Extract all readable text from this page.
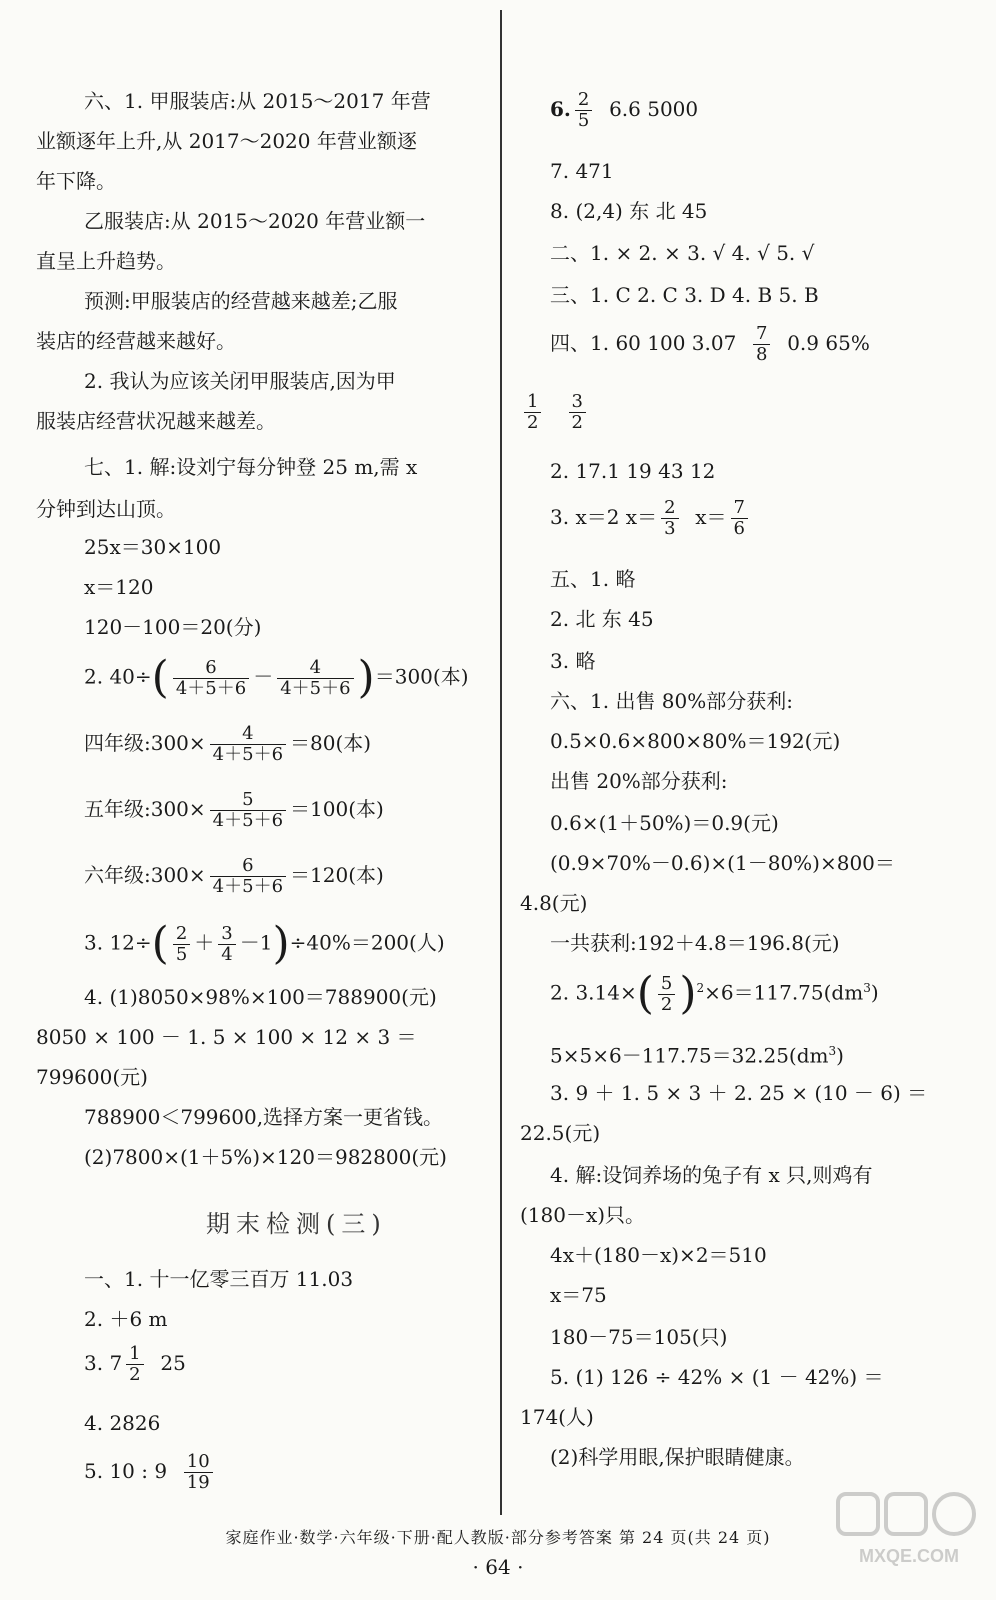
六、1. 甲服装店:从 2015～2017 年营
业额逐年上升,从 2017～2020 年营业额逐
年下降。
乙服装店:从 2015～2020 年营业额一
直呈上升趋势。
预测:甲服装店的经营越来越差;乙服
装店的经营越来越好。
2. 我认为应该关闭甲服装店,因为甲
服装店经营状况越来越差。
七、1. 解:设刘宁每分钟登 25 m,需 x
分钟到达山顶。
25x＝30×100
x＝120
120－100＝20(分)
2. $40\div( \frac{6}{4+5+6} - \frac{4}{4+5+6} )=300$(本)
四年级:300× $\frac{4}{4+5+6} =80$(本)
五年级:300× $\frac{5}{4+5+6} =100$(本)
六年级:300× $\frac{6}{4+5+6} =120$(本)
3. $12\div( \frac{2}{5} + \frac{3}{4} -1)\div 40\%=200$(人)
4. (1)8050×98%×100＝788900(元)
8050 × 100 － 1. 5 × 100 × 12 × 3 ＝
799600(元)
788900＜799600,选择方案一更省钱。
(2)7800×(1＋5%)×120＝982800(元)
期末检测(三)
一、1. 十一亿零三百万 11.03
2. ＋6 m
3. $7 \frac{1}{2} 25$
4. 2826
5. 10 : $9 \frac{10}{19}$
6. $\frac{2}{5} 6.6$ 5000
7. 471
8. (2,4) 东 北 45
二、1. × 2. × 3. √ 4. √ 5. √
三、1. C 2. C 3. D 4. B 5. B
四、1. 60 100 $3.07 \frac{7}{8} 0.9$ 65%
$\frac{1}{2}$
$\frac{3}{2}$
2. 17.1 19 43 12
3. x＝2 $x= \frac{2}{3} x= \frac{7}{6}$
五、1. 略
2. 北 东 45
3. 略
六、1. 出售 80%部分获利:
0.5×0.6×800×80%＝192(元)
出售 20%部分获利:
0.6×(1＋50%)＝0.9(元)
(0.9×70%－0.6)×(1－80%)×800＝
4.8(元)
一共获利:192＋4.8＝196.8(元)
2. $3.14\times( \frac{5}{2} )^2\times 6=117.75(dm^3)$
$5\times 5\times 6-117.75=32.25(dm^3)$
3. 9 ＋ 1. 5 × 3 ＋ 2. 25 × (10 － 6) ＝
22.5(元)
4. 解:设饲养场的兔子有 x 只,则鸡有
(180－x)只。
4x＋(180－x)×2＝510
x＝75
180－75＝105(只)
5. (1) 126 ÷ 42% × (1 － 42%) ＝
174(人)
(2)科学用眼,保护眼睛健康。
家庭作业·数学·六年级·下册·配人教版·部分参考答案 第 24 页(共 24 页)
· 64 ·	MXQE.COM
